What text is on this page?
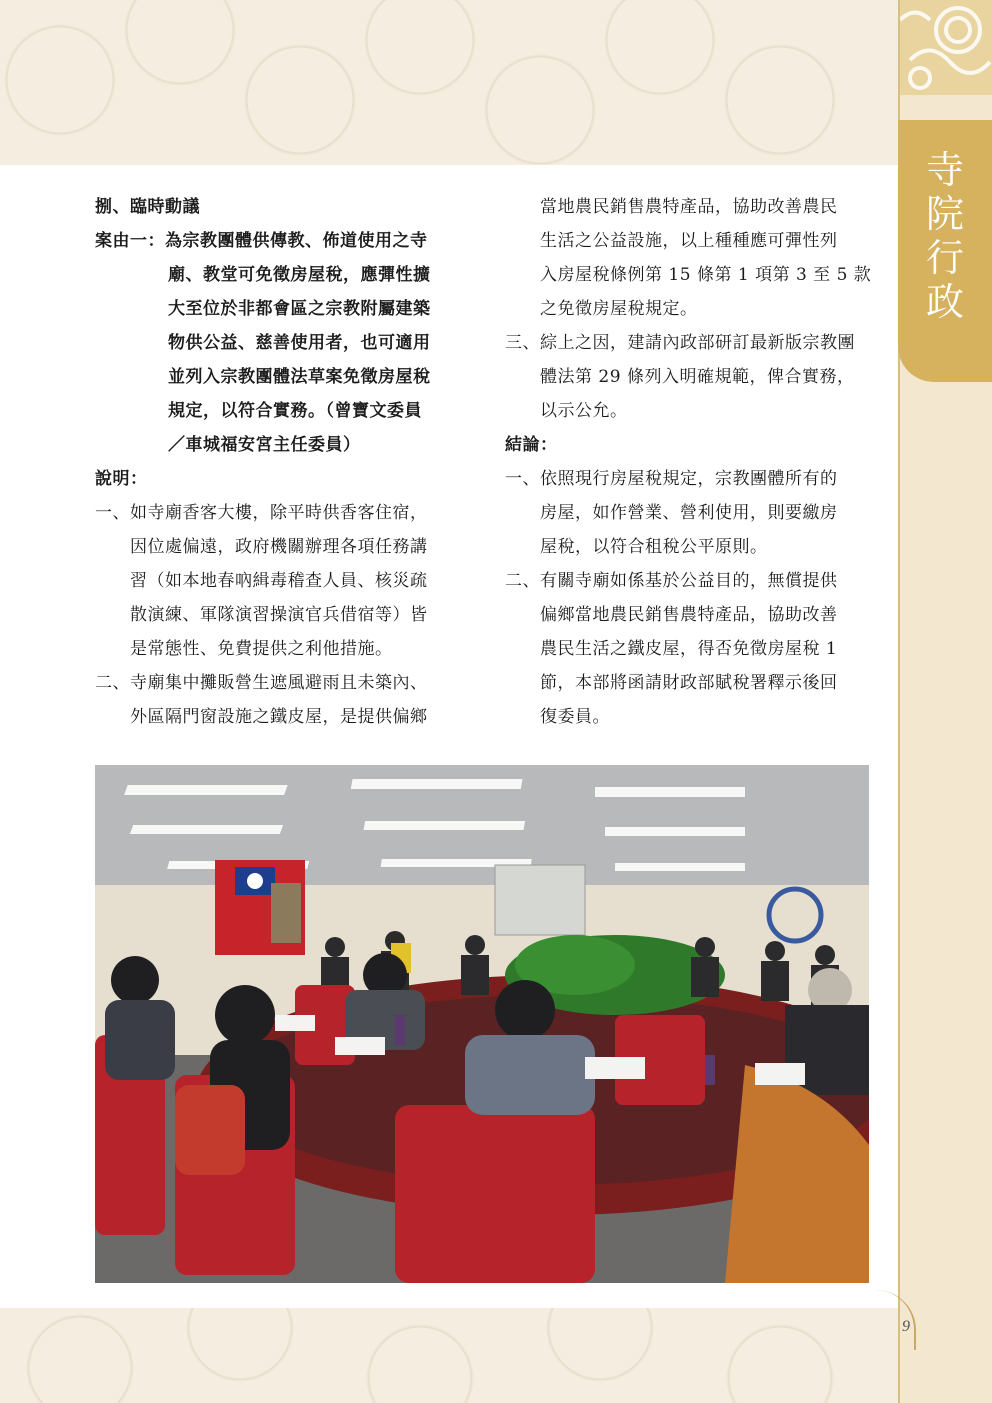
寺
院
行
政
9
捌、臨時動議
案由一：為宗教團體供傳教、佈道使用之寺
廟、教堂可免徵房屋稅，應彈性擴
大至位於非都會區之宗教附屬建築
物供公益、慈善使用者，也可適用
並列入宗教團體法草案免徵房屋稅
規定，以符合實務。（曾寶文委員
／車城福安宮主任委員）
說明：
一、如寺廟香客大樓，除平時供香客住宿，
因位處偏遠，政府機關辦理各項任務講
習（如本地春吶緝毒稽查人員、核災疏
散演練、軍隊演習操演官兵借宿等）皆
是常態性、免費提供之利他措施。
二、寺廟集中攤販營生遮風避雨且未築內、
外區隔門窗設施之鐵皮屋，是提供偏鄉
當地農民銷售農特產品，協助改善農民
生活之公益設施，以上種種應可彈性列
入房屋稅條例第 15 條第 1 項第 3 至 5 款
之免徵房屋稅規定。
三、綜上之因，建請內政部研訂最新版宗教團
體法第 29 條列入明確規範，俾合實務，
以示公允。
結論：
一、依照現行房屋稅規定，宗教團體所有的
房屋，如作營業、營利使用，則要繳房
屋稅，以符合租稅公平原則。
二、有關寺廟如係基於公益目的，無償提供
偏鄉當地農民銷售農特產品，協助改善
農民生活之鐵皮屋，得否免徵房屋稅 1
節，本部將函請財政部賦稅署釋示後回
復委員。
